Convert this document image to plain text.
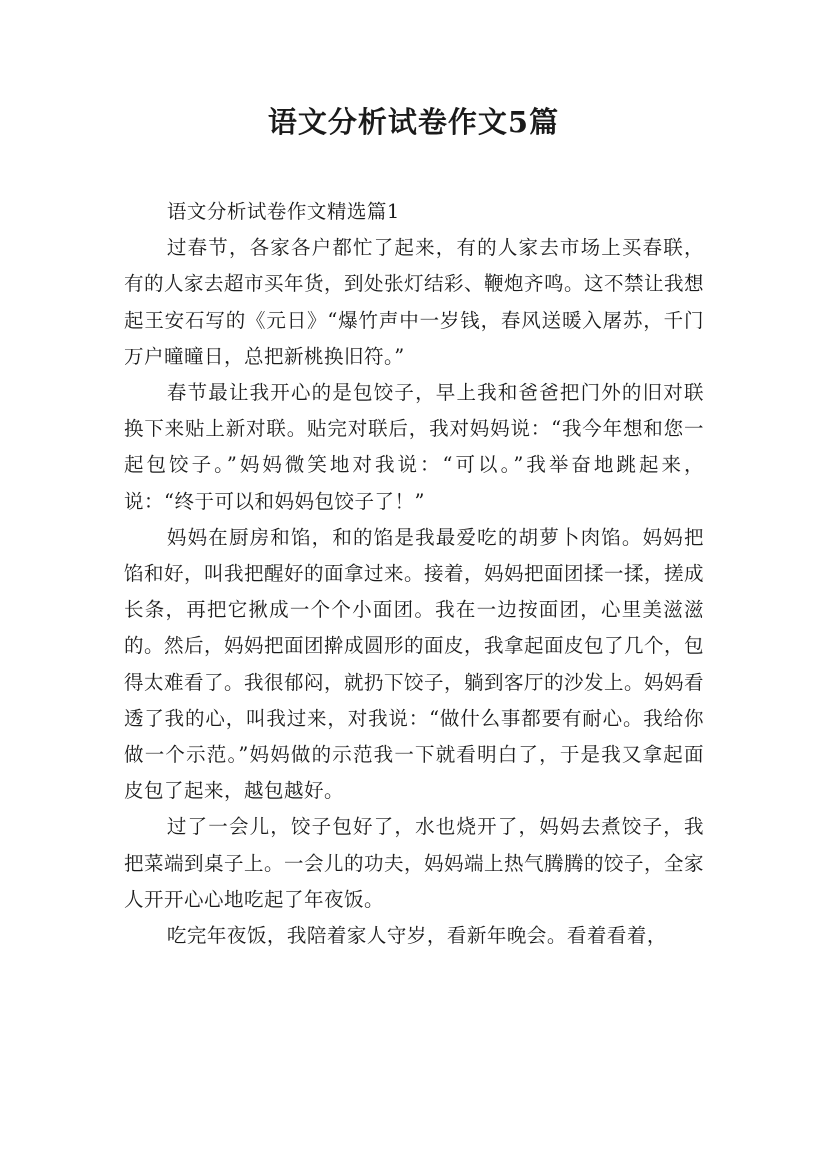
语文分析试卷作文5篇

语文分析试卷作文精选篇1

过春节，各家各户都忙了起来，有的人家去市场上买春联，有的人家去超市买年货，到处张灯结彩、鞭炮齐鸣。这不禁让我想起王安石写的《元日》“爆竹声中一岁钱，春风送暖入屠苏，千门万户曈曈日，总把新桃换旧符。”

春节最让我开心的是包饺子，早上我和爸爸把门外的旧对联换下来贴上新对联。贴完对联后，我对妈妈说：“我今年想和您一起包饺子。”妈妈微笑地对我说：“可以。”我举奋地跳起来，说：“终于可以和妈妈包饺子了！”

妈妈在厨房和馅，和的馅是我最爱吃的胡萝卜肉馅。妈妈把馅和好，叫我把醒好的面拿过来。接着，妈妈把面团揉一揉，搓成长条，再把它揪成一个个小面团。我在一边按面团，心里美滋滋的。然后，妈妈把面团擀成圆形的面皮，我拿起面皮包了几个，包得太难看了。我很郁闷，就扔下饺子，躺到客厅的沙发上。妈妈看透了我的心，叫我过来，对我说：“做什么事都要有耐心。我给你做一个示范。”妈妈做的示范我一下就看明白了，于是我又拿起面皮包了起来，越包越好。

过了一会儿，饺子包好了，水也烧开了，妈妈去煮饺子，我把菜端到桌子上。一会儿的功夫，妈妈端上热气腾腾的饺子，全家人开开心心地吃起了年夜饭。

吃完年夜饭，我陪着家人守岁，看新年晚会。看着看着，
